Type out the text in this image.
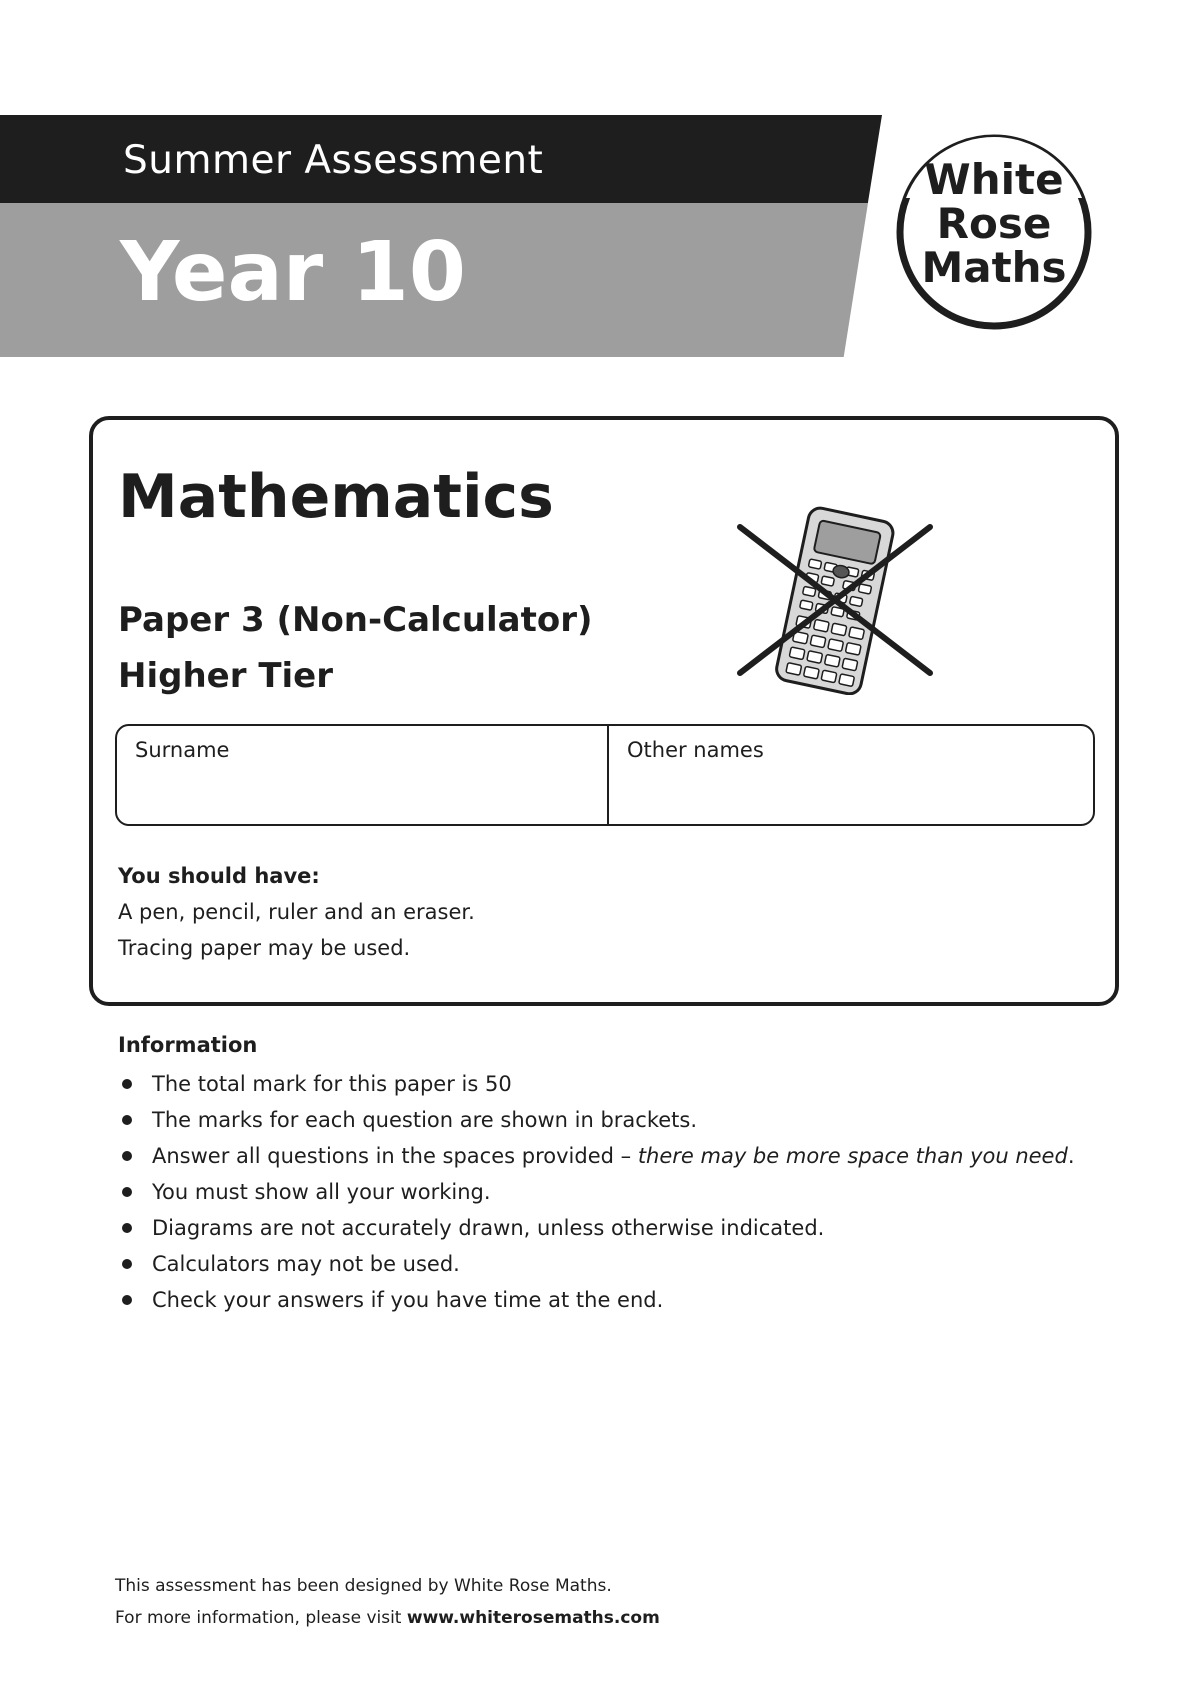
Summer Assessment
Year 10
White
Rose
Maths
Mathematics
Paper 3 (Non-Calculator)
Higher Tier
Surname	Other names
You should have:
A pen, pencil, ruler and an eraser.
Tracing paper may be used.
Information
The total mark for this paper is 50
The marks for each question are shown in brackets.
Answer all questions in the spaces provided – there may be more space than you need.
You must show all your working.
Diagrams are not accurately drawn, unless otherwise indicated.
Calculators may not be used.
Check your answers if you have time at the end.
This assessment has been designed by White Rose Maths.
For more information, please visit www.whiterosemaths.com
